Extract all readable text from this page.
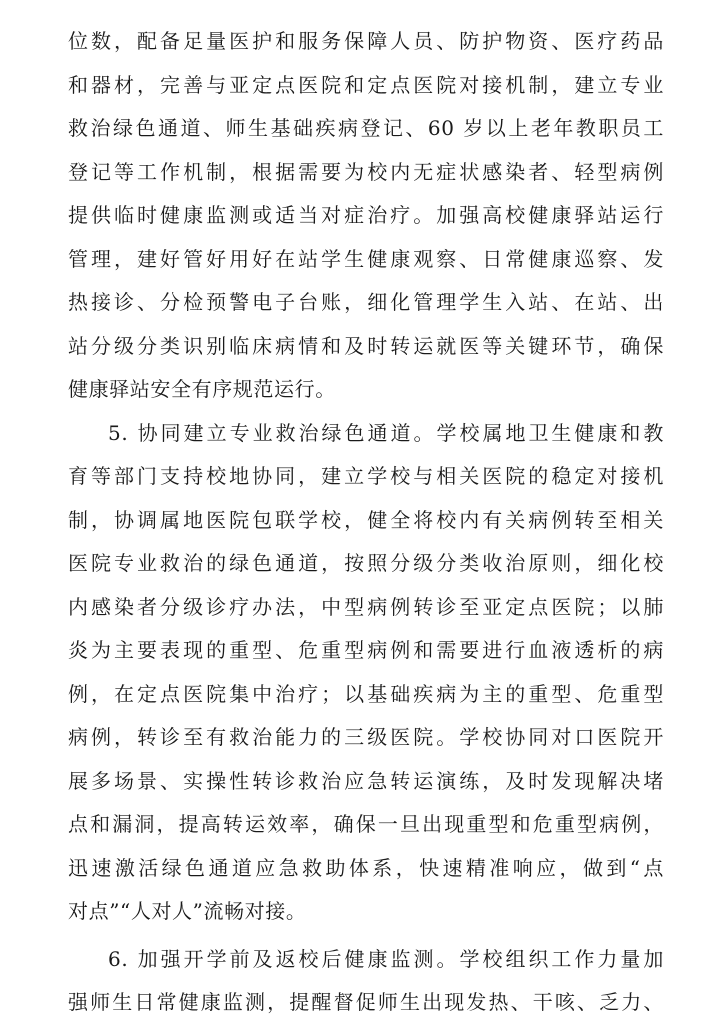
位数，配备足量医护和服务保障人员、防护物资、医疗药品
和器材，完善与亚定点医院和定点医院对接机制，建立专业
救治绿色通道、师生基础疾病登记、60 岁以上老年教职员工
登记等工作机制，根据需要为校内无症状感染者、轻型病例
提供临时健康监测或适当对症治疗。加强高校健康驿站运行
管理，建好管好用好在站学生健康观察、日常健康巡察、发
热接诊、分检预警电子台账，细化管理学生入站、在站、出
站分级分类识别临床病情和及时转运就医等关键环节，确保
健康驿站安全有序规范运行。
5. 协同建立专业救治绿色通道。学校属地卫生健康和教
育等部门支持校地协同，建立学校与相关医院的稳定对接机
制，协调属地医院包联学校，健全将校内有关病例转至相关
医院专业救治的绿色通道，按照分级分类收治原则，细化校
内感染者分级诊疗办法，中型病例转诊至亚定点医院；以肺
炎为主要表现的重型、危重型病例和需要进行血液透析的病
例，在定点医院集中治疗；以基础疾病为主的重型、危重型
病例，转诊至有救治能力的三级医院。学校协同对口医院开
展多场景、实操性转诊救治应急转运演练，及时发现解决堵
点和漏洞，提高转运效率，确保一旦出现重型和危重型病例，
迅速激活绿色通道应急救助体系，快速精准响应，做到“点
对点”“人对人”流畅对接。
6. 加强开学前及返校后健康监测。学校组织工作力量加
强师生日常健康监测，提醒督促师生出现发热、干咳、乏力、
